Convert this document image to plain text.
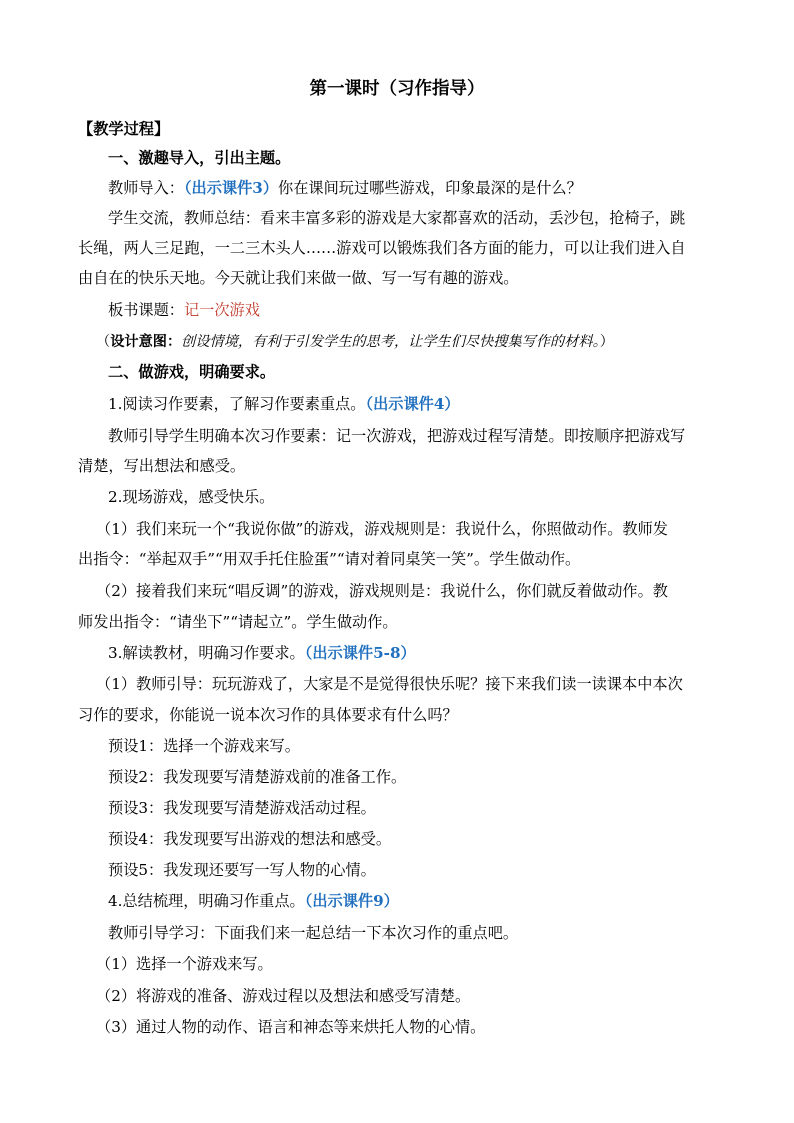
第一课时（习作指导）
【教学过程】
一、激趣导入，引出主题。
教师导入：（出示课件3）你在课间玩过哪些游戏，印象最深的是什么？
学生交流，教师总结：看来丰富多彩的游戏是大家都喜欢的活动，丢沙包，抢椅子，跳
长绳，两人三足跑，一二三木头人……游戏可以锻炼我们各方面的能力，可以让我们进入自
由自在的快乐天地。今天就让我们来做一做、写一写有趣的游戏。
板书课题：记一次游戏
（设计意图：创设情境，有利于引发学生的思考，让学生们尽快搜集写作的材料。）
二、做游戏，明确要求。
1.阅读习作要素，了解习作要素重点。（出示课件4）
教师引导学生明确本次习作要素：记一次游戏，把游戏过程写清楚。即按顺序把游戏写
清楚，写出想法和感受。
2.现场游戏，感受快乐。
（1）我们来玩一个“我说你做”的游戏，游戏规则是：我说什么，你照做动作。教师发
出指令：“举起双手”“用双手托住脸蛋”“请对着同桌笑一笑”。学生做动作。
（2）接着我们来玩“唱反调”的游戏，游戏规则是：我说什么，你们就反着做动作。教
师发出指令：“请坐下”“请起立”。学生做动作。
3.解读教材，明确习作要求。（出示课件5-8）
（1）教师引导：玩玩游戏了，大家是不是觉得很快乐呢？接下来我们读一读课本中本次
习作的要求，你能说一说本次习作的具体要求有什么吗？
预设1：选择一个游戏来写。
预设2：我发现要写清楚游戏前的准备工作。
预设3：我发现要写清楚游戏活动过程。
预设4：我发现要写出游戏的想法和感受。
预设5：我发现还要写一写人物的心情。
4.总结梳理，明确习作重点。（出示课件9）
教师引导学习：下面我们来一起总结一下本次习作的重点吧。
（1）选择一个游戏来写。
（2）将游戏的准备、游戏过程以及想法和感受写清楚。
（3）通过人物的动作、语言和神态等来烘托人物的心情。
